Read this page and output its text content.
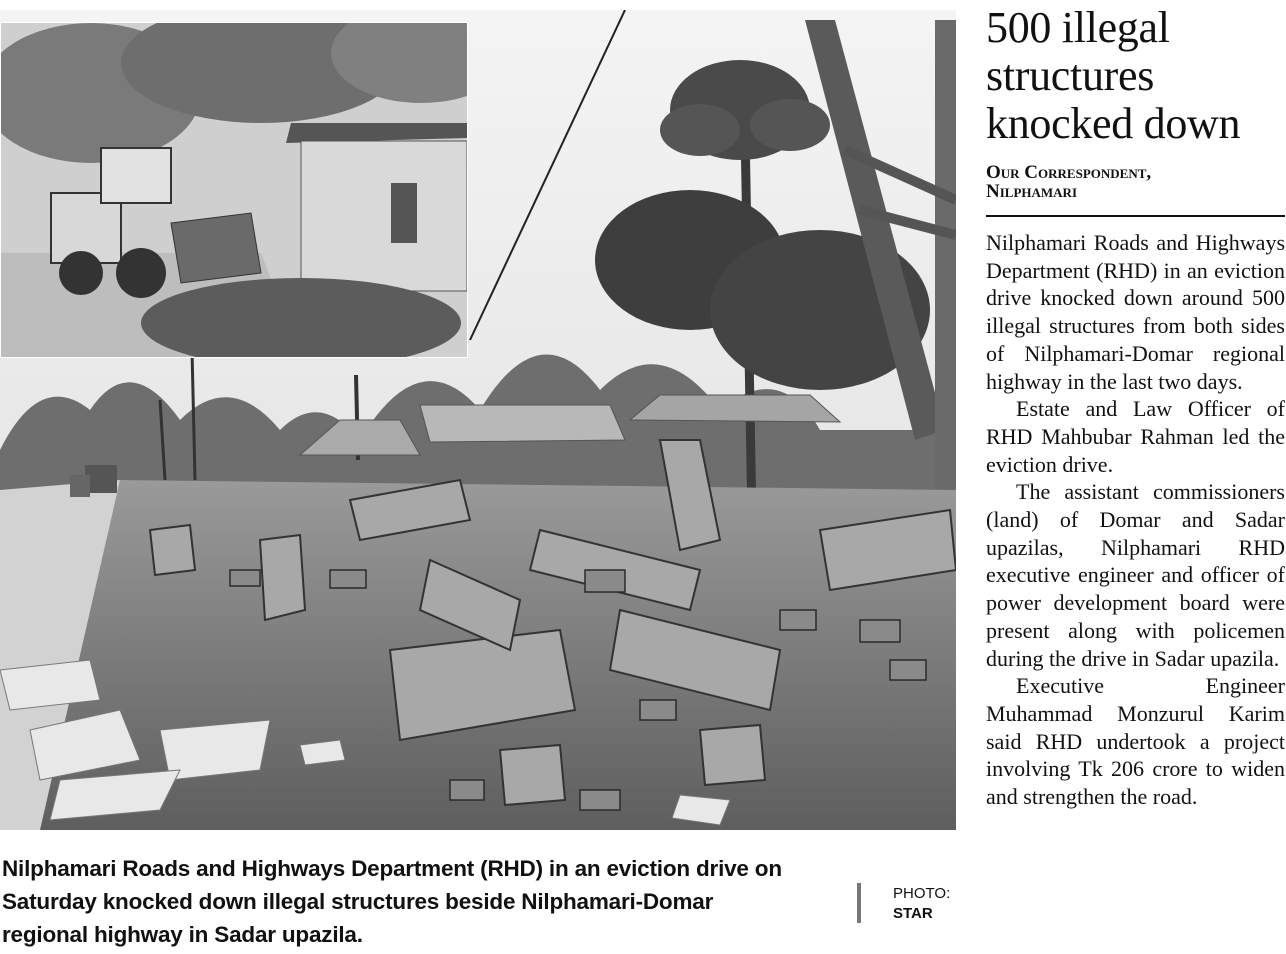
Nilphamari Roads and Highways Department (RHD) in an eviction drive on Saturday knocked down illegal structures beside Nilphamari-Domar regional highway in Sadar upazila.
PHOTO:
STAR
500 illegal structures knocked down
Our Correspondent,
Nilphamari

Nilphamari Roads and Highways Department (RHD) in an eviction drive knocked down around 500 illegal structures from both sides of Nilphamari-Domar regional highway in the last two days.

Estate and Law Officer of RHD Mahbubar Rahman led the eviction drive.

The assistant commissioners (land) of Domar and Sadar upazilas, Nilphamari RHD executive engineer and officer of power development board were present along with policemen during the drive in Sadar upazila.

Executive Engineer Muhammad Monzurul Karim said RHD undertook a project involving Tk 206 crore to widen and strengthen the road.
